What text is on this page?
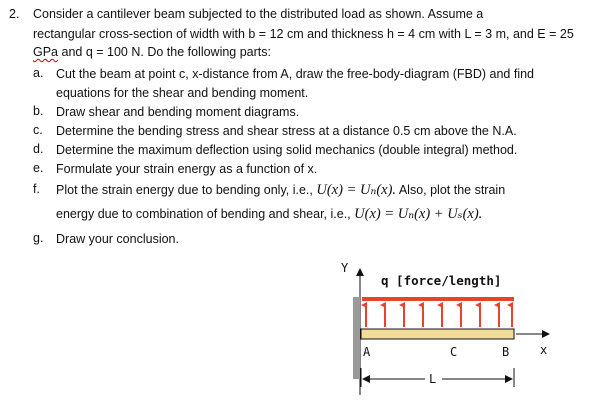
2. Consider a cantilever beam subjected to the distributed load as shown. Assume a
rectangular cross-section of width with b = 12 cm and thickness h = 4 cm with L = 3 m, and E = 25
GPa and q = 100 N. Do the following parts:
a. Cut the beam at point c, x-distance from A, draw the free-body-diagram (FBD) and find
equations for the shear and bending moment.
b. Draw shear and bending moment diagrams.
c. Determine the bending stress and shear stress at a distance 0.5 cm above the N.A.
d. Determine the maximum deflection using solid mechanics (double integral) method.
e. Formulate your strain energy as a function of x.
f. Plot the strain energy due to bending only, i.e., U(x) = Uₙ(x). Also, plot the strain
energy due to combination of bending and shear, i.e., U(x) = Uₙ(x) + Uₛ(x).
g. Draw your conclusion.
Y
q [force/length]
A	C	B	x
L
